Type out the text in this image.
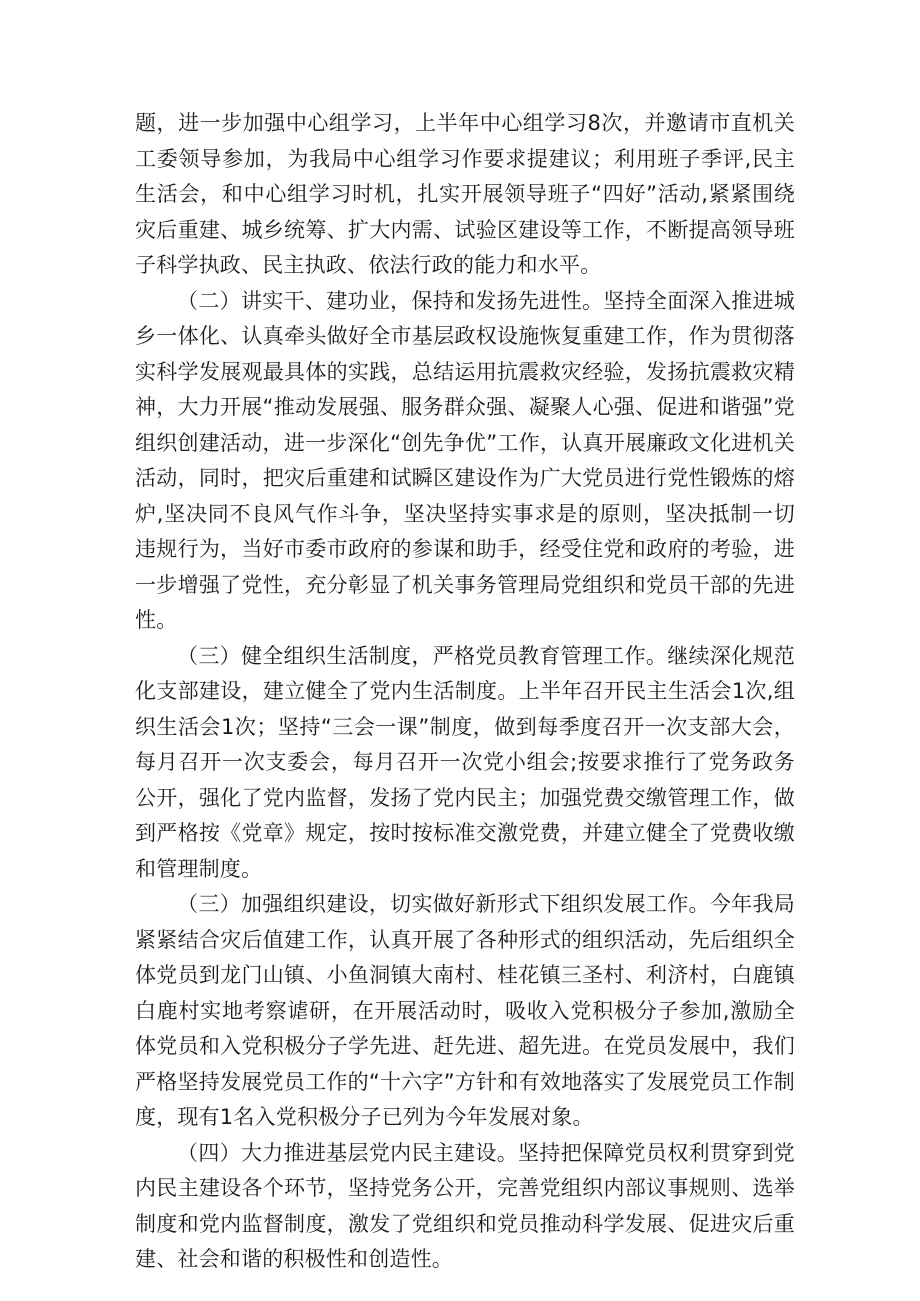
题，进一步加强中心组学习，上半年中心组学习8次，并邀请市直机关工委领导参加，为我局中心组学习作要求提建议；利用班子季评,民主生活会，和中心组学习时机，扎实开展领导班子“四好”活动,紧紧围绕灾后重建、城乡统筹、扩大内需、试验区建设等工作，不断提高领导班子科学执政、民主执政、依法行政的能力和水平。

（二）讲实干、建功业，保持和发扬先进性。坚持全面深入推进城乡一体化、认真牵头做好全市基层政权设施恢复重建工作，作为贯彻落实科学发展观最具体的实践，总结运用抗震救灾经验，发扬抗震救灾精神，大力开展“推动发展强、服务群众强、凝聚人心强、促进和谐强”党组织创建活动，进一步深化“创先争优”工作，认真开展廉政文化进机关活动，同时，把灾后重建和试瞬区建设作为广大党员进行党性锻炼的熔炉,坚决同不良风气作斗争，坚决坚持实事求是的原则，坚决抵制一切违规行为，当好市委市政府的参谋和助手，经受住党和政府的考验，进一步增强了党性，充分彰显了机关事务管理局党组织和党员干部的先进性。

（三）健全组织生活制度，严格党员教育管理工作。继续深化规范化支部建设，建立健全了党内生活制度。上半年召开民主生活会1次,组织生活会1次；坚持“三会一课”制度，做到每季度召开一次支部大会，每月召开一次支委会，每月召开一次党小组会;按要求推行了党务政务公开，强化了党内监督，发扬了党内民主；加强党费交缴管理工作，做到严格按《党章》规定，按时按标准交激党费，并建立健全了党费收缴和管理制度。

（三）加强组织建设，切实做好新形式下组织发展工作。今年我局紧紧结合灾后值建工作，认真开展了各种形式的组织活动，先后组织全体党员到龙门山镇、小鱼洞镇大南村、桂花镇三圣村、利济村，白鹿镇白鹿村实地考察谑研，在开展活动时，吸收入党积极分子参加,激励全体党员和入党积极分子学先进、赶先进、超先进。在党员发展中，我们严格坚持发展党员工作的“十六字”方针和有效地落实了发展党员工作制度，现有1名入党积极分子已列为今年发展对象。

（四）大力推进基层党内民主建设。坚持把保障党员权利贯穿到党内民主建设各个环节，坚持党务公开，完善党组织内部议事规则、选举制度和党内监督制度，激发了党组织和党员推动科学发展、促进灾后重建、社会和谐的积极性和创造性。
